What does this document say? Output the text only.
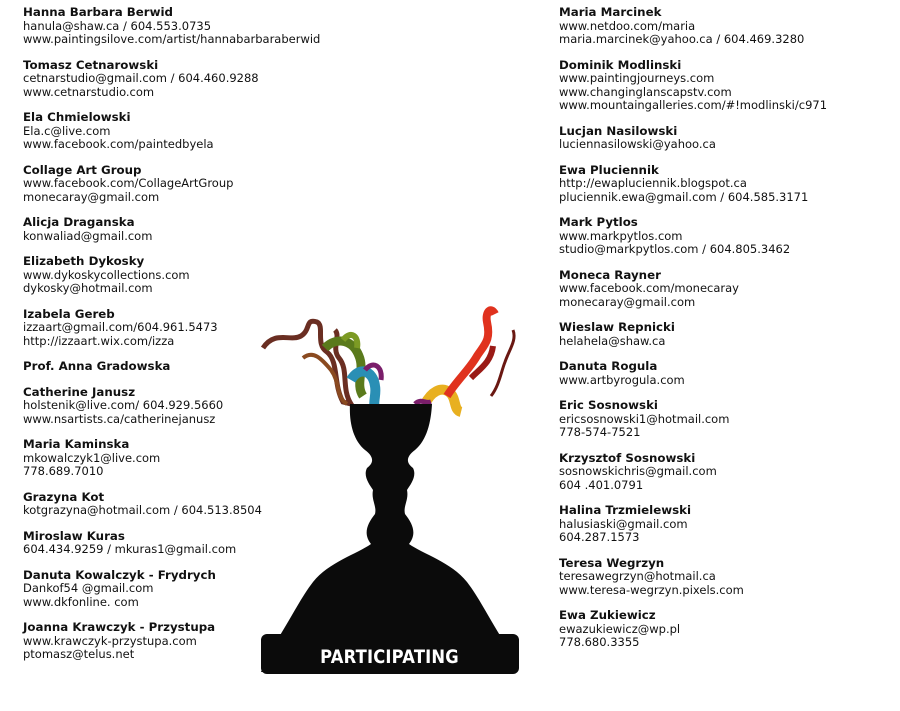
Hanna Barbara Berwid
hanula@shaw.ca / 604.553.0735
www.paintingsilove.com/artist/hannabarbaraberwid
Tomasz Cetnarowski
cetnarstudio@gmail.com / 604.460.9288
www.cetnarstudio.com
Ela Chmielowski
Ela.c@live.com
www.facebook.com/paintedbyela
Collage Art Group
www.facebook.com/CollageArtGroup
monecaray@gmail.com
Alicja Draganska
konwaliad@gmail.com
Elizabeth Dykosky
www.dykoskycollections.com
dykosky@hotmail.com
Izabela Gereb
izzaart@gmail.com/604.961.5473
http://izzaart.wix.com/izza
Prof. Anna Gradowska
Catherine Janusz
holstenik@live.com/ 604.929.5660
www.nsartists.ca/catherinejanusz
Maria Kaminska
mkowalczyk1@live.com
778.689.7010
Grazyna Kot
kotgrazyna@hotmail.com / 604.513.8504
Miroslaw Kuras
604.434.9259 / mkuras1@gmail.com
Danuta Kowalczyk - Frydrych
Dankof54 @gmail.com
www.dkfonline. com
Joanna Krawczyk - Przystupa
www.krawczyk-przystupa.com
ptomasz@telus.net
Maria Marcinek
www.netdoo.com/maria
maria.marcinek@yahoo.ca / 604.469.3280
Dominik Modlinski
www.paintingjourneys.com
www.changinglanscapstv.com
www.mountaingalleries.com/#!modlinski/c971
Lucjan Nasilowski
luciennasilowski@yahoo.ca
Ewa Pluciennik
http://ewapluciennik.blogspot.ca
pluciennik.ewa@gmail.com / 604.585.3171
Mark Pytlos
www.markpytlos.com
studio@markpytlos.com / 604.805.3462
Moneca Rayner
www.facebook.com/monecaray
monecaray@gmail.com
Wieslaw Repnicki
helahela@shaw.ca
Danuta Rogula
www.artbyrogula.com
Eric Sosnowski
ericsosnowski1@hotmail.com
778-574-7521
Krzysztof Sosnowski
sosnowskichris@gmail.com
604 .401.0791
Halina Trzmielewski
halusiaski@gmail.com
604.287.1573
Teresa Wegrzyn
teresawegrzyn@hotmail.ca
www.teresa-wegrzyn.pixels.com
Ewa Zukiewicz
ewazukiewicz@wp.pl
778.680.3355
PARTICIPATING ARTISTS
